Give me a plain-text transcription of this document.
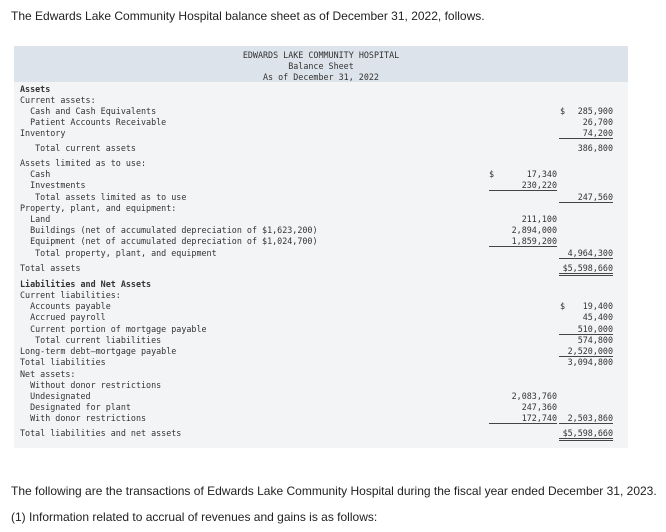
The Edwards Lake Community Hospital balance sheet as of December 31, 2022, follows.
EDWARDS LAKE COMMUNITY HOSPITAL
Balance Sheet
As of December 31, 2022
Assets
Current assets:
Cash and Cash Equivalents	$	285,900
Patient Accounts Receivable	26,700
Inventory	74,200
Total current assets	386,800
Assets limited as to use:
Cash	$	17,340
Investments	230,220
Total assets limited as to use	247,560
Property, plant, and equipment:
Land	211,100
Buildings (net of accumulated depreciation of $1,623,200)	2,894,000
Equipment (net of accumulated depreciation of $1,024,700)	1,859,200
Total property, plant, and equipment	4,964,300
Total assets	$5,598,660
Liabilities and Net Assets
Current liabilities:
Accounts payable	$	19,400
Accrued payroll	45,400
Current portion of mortgage payable	510,000
Total current liabilities	574,800
Long-term debt—mortgage payable	2,520,000
Total liabilities	3,094,800
Net assets:
Without donor restrictions
Undesignated	2,083,760
Designated for plant	247,360
With donor restrictions	172,740	2,503,860
Total liabilities and net assets	$5,598,660
The following are the transactions of Edwards Lake Community Hospital during the fiscal year ended December 31, 2023.
(1) Information related to accrual of revenues and gains is as follows:
